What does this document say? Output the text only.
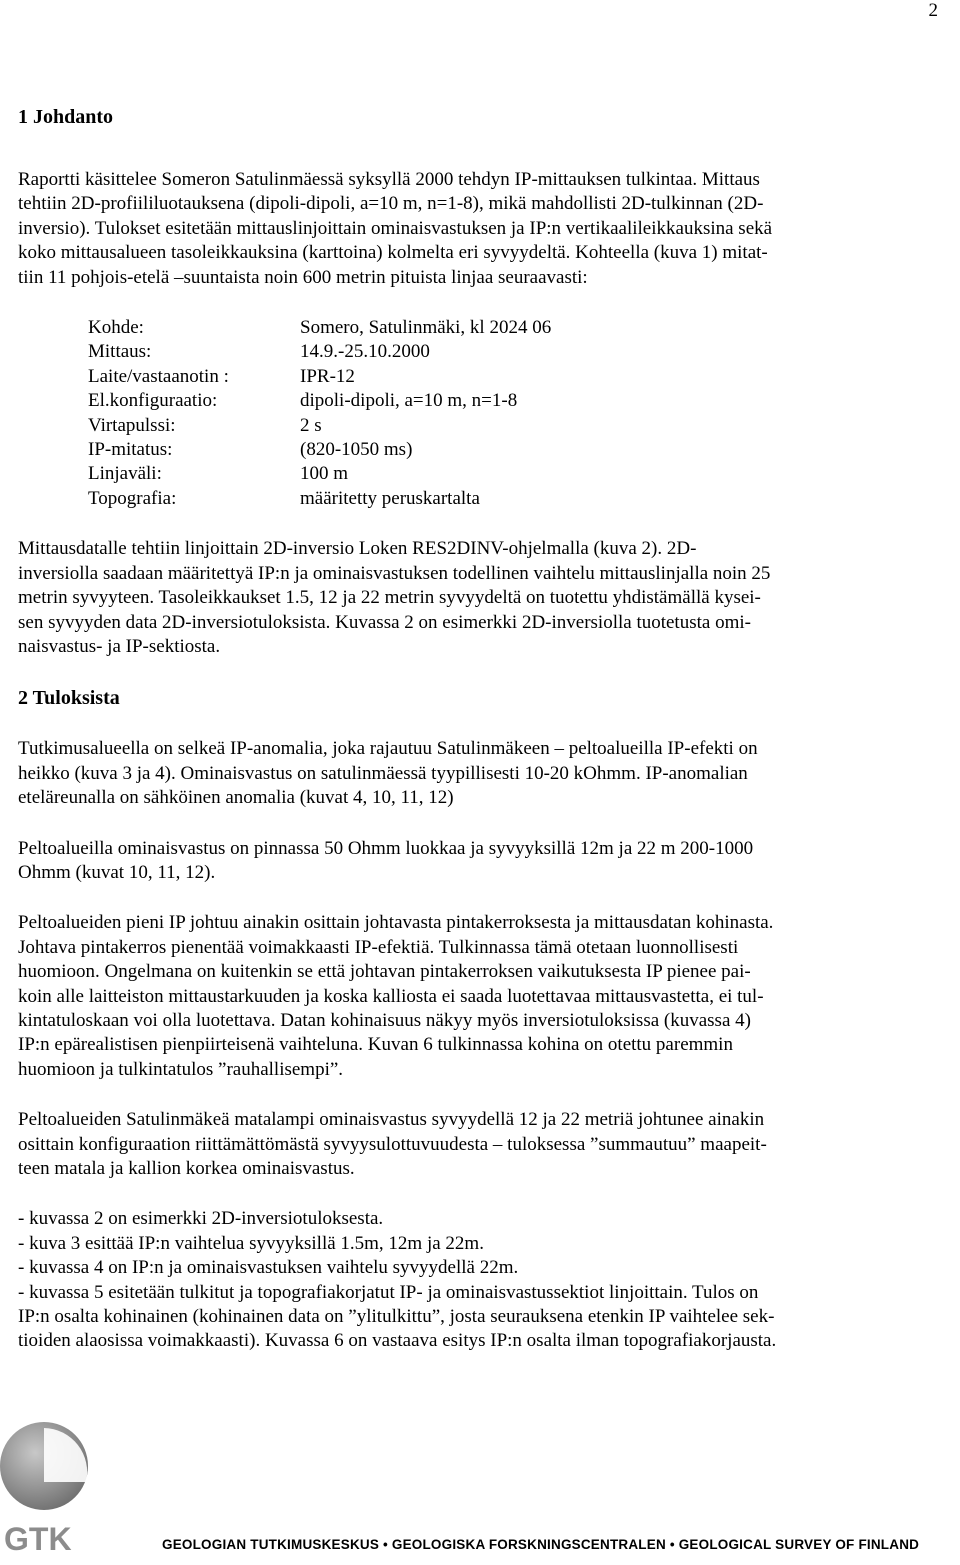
2
1 Johdanto

Raportti käsittelee Someron Satulinmäessä syksyllä 2000 tehdyn IP-mittauksen tulkintaa. Mittaus
tehtiin 2D-profiililuotauksena (dipoli-dipoli, a=10 m, n=1-8), mikä mahdollisti 2D-tulkinnan (2D-
inversio). Tulokset esitetään mittauslinjoittain ominaisvastuksen ja IP:n vertikaalileikkauksina sekä
koko mittausalueen tasoleikkauksina (karttoina) kolmelta eri syvyydeltä. Kohteella (kuva 1) mitat-
tiin 11 pohjois-etelä –suuntaista noin 600 metrin pituista linjaa seuraavasti:

Kohde:	Somero, Satulinmäki, kl 2024 06
Mittaus:	14.9.-25.10.2000
Laite/vastaanotin :	IPR-12
El.konfiguraatio:	dipoli-dipoli, a=10 m, n=1-8
Virtapulssi:	2 s
IP-mitatus:	(820-1050 ms)
Linjaväli:	100 m
Topografia:	määritetty peruskartalta

Mittausdatalle tehtiin linjoittain 2D-inversio Loken RES2DINV-ohjelmalla (kuva 2). 2D-
inversiolla saadaan määritettyä IP:n ja ominaisvastuksen todellinen vaihtelu mittauslinjalla noin 25
metrin syvyyteen. Tasoleikkaukset 1.5, 12 ja 22 metrin syvyydeltä on tuotettu yhdistämällä kysei-
sen syvyyden data 2D-inversiotuloksista. Kuvassa 2 on esimerkki 2D-inversiolla tuotetusta omi-
naisvastus- ja IP-sektiosta.

2 Tuloksista

Tutkimusalueella on selkeä IP-anomalia, joka rajautuu Satulinmäkeen – peltoalueilla IP-efekti on
heikko (kuva 3 ja 4). Ominaisvastus on satulinmäessä tyypillisesti 10-20 kOhmm. IP-anomalian
eteläreunalla on sähköinen anomalia (kuvat 4, 10, 11, 12)

Peltoalueilla ominaisvastus on pinnassa 50 Ohmm luokkaa ja syvyyksillä 12m ja 22 m 200-1000
Ohmm (kuvat 10, 11, 12).

Peltoalueiden pieni IP johtuu ainakin osittain johtavasta pintakerroksesta ja mittausdatan kohinasta.
Johtava pintakerros pienentää voimakkaasti IP-efektiä. Tulkinnassa tämä otetaan luonnollisesti
huomioon. Ongelmana on kuitenkin se että johtavan pintakerroksen vaikutuksesta IP pienee pai-
koin alle laitteiston mittaustarkuuden ja koska kalliosta ei saada luotettavaa mittausvastetta, ei tul-
kintatuloskaan voi olla luotettava. Datan kohinaisuus näkyy myös inversiotuloksissa (kuvassa 4)
IP:n epärealistisen pienpiirteisenä vaihteluna. Kuvan 6 tulkinnassa kohina on otettu paremmin
huomioon ja tulkintatulos ”rauhallisempi”.

Peltoalueiden Satulinmäkeä matalampi ominaisvastus syvyydellä 12 ja 22 metriä johtunee ainakin
osittain konfiguraation riittämättömästä syvyysulottuvuudesta – tuloksessa ”summautuu” maapeit-
teen matala ja kallion korkea ominaisvastus.

- kuvassa 2 on esimerkki 2D-inversiotuloksesta.
- kuva 3 esittää IP:n vaihtelua syvyyksillä 1.5m, 12m ja 22m.
- kuvassa 4 on IP:n ja ominaisvastuksen vaihtelu syvyydellä 22m.
- kuvassa 5 esitetään tulkitut ja topografiakorjatut IP- ja ominaisvastussektiot linjoittain. Tulos on
IP:n osalta kohinainen (kohinainen data on ”ylitulkittu”, josta seurauksena etenkin IP vaihtelee sek-
tioiden alaosissa voimakkaasti). Kuvassa 6 on vastaava esitys IP:n osalta ilman topografiakorjausta.

GTK	GEOLOGIAN TUTKIMUSKESKUS • GEOLOGISKA FORSKNINGSCENTRALEN • GEOLOGICAL SURVEY OF FINLAND
